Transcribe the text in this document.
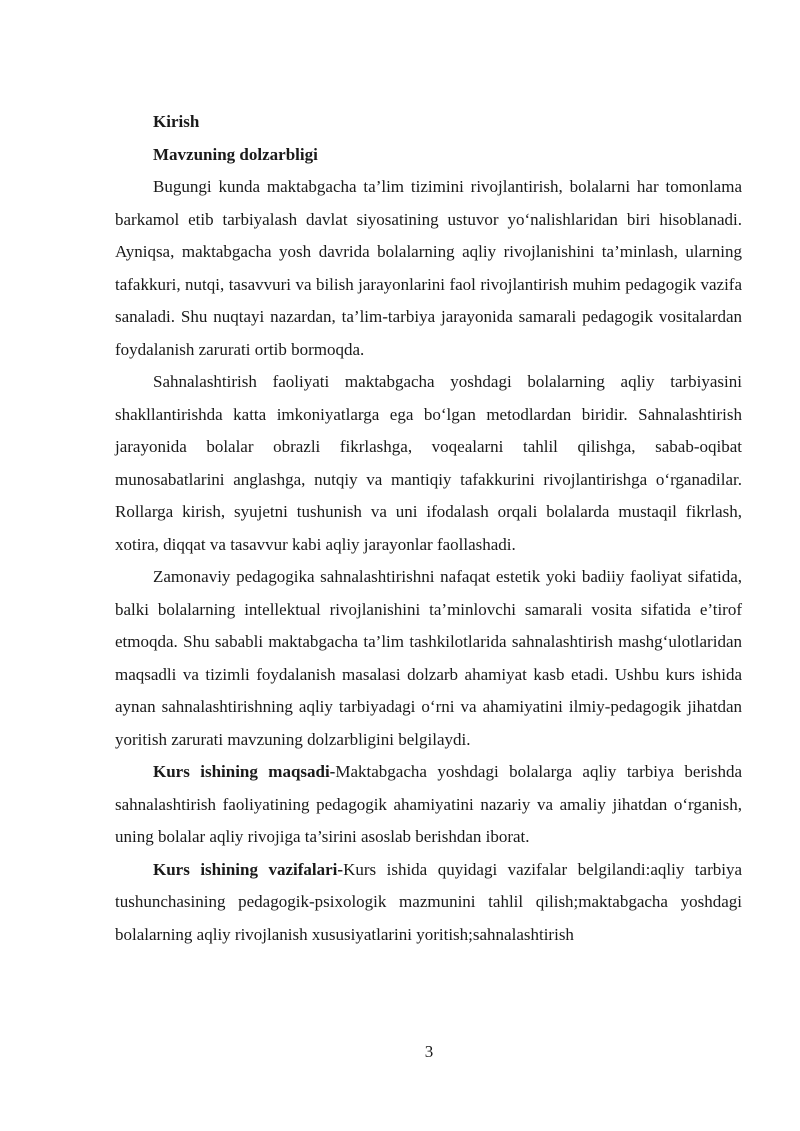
Kirish

Mavzuning dolzarbligi

Bugungi kunda maktabgacha ta’lim tizimini rivojlantirish, bolalarni har tomonlama barkamol etib tarbiyalash davlat siyosatining ustuvor yo‘nalishlaridan biri hisoblanadi. Ayniqsa, maktabgacha yosh davrida bolalarning aqliy rivojlanishini ta’minlash, ularning tafakkuri, nutqi, tasavvuri va bilish jarayonlarini faol rivojlantirish muhim pedagogik vazifa sanaladi. Shu nuqtayi nazardan, ta’lim-tarbiya jarayonida samarali pedagogik vositalardan foydalanish zarurati ortib bormoqda.

Sahnalashtirish faoliyati maktabgacha yoshdagi bolalarning aqliy tarbiyasini shakllantirishda katta imkoniyatlarga ega bo‘lgan metodlardan biridir. Sahnalashtirish jarayonida bolalar obrazli fikrlashga, voqealarni tahlil qilishga, sabab-oqibat munosabatlarini anglashga, nutqiy va mantiqiy tafakkurini rivojlantirishga o‘rganadilar. Rollarga kirish, syujetni tushunish va uni ifodalash orqali bolalarda mustaqil fikrlash, xotira, diqqat va tasavvur kabi aqliy jarayonlar faollashadi.

Zamonaviy pedagogika sahnalashtirishni nafaqat estetik yoki badiiy faoliyat sifatida, balki bolalarning intellektual rivojlanishini ta’minlovchi samarali vosita sifatida e’tirof etmoqda. Shu sababli maktabgacha ta’lim tashkilotlarida sahnalashtirish mashg‘ulotlaridan maqsadli va tizimli foydalanish masalasi dolzarb ahamiyat kasb etadi. Ushbu kurs ishida aynan sahnalashtirishning aqliy tarbiyadagi o‘rni va ahamiyatini ilmiy-pedagogik jihatdan yoritish zarurati mavzuning dolzarbligini belgilaydi.

Kurs ishining maqsadi-Maktabgacha yoshdagi bolalarga aqliy tarbiya berishda sahnalashtirish faoliyatining pedagogik ahamiyatini nazariy va amaliy jihatdan o‘rganish, uning bolalar aqliy rivojiga ta’sirini asoslab berishdan iborat.

Kurs ishining vazifalari-Kurs ishida quyidagi vazifalar belgilandi:aqliy tarbiya tushunchasining pedagogik-psixologik mazmunini tahlil qilish;maktabgacha yoshdagi bolalarning aqliy rivojlanish xususiyatlarini yoritish;sahnalashtirish

3
